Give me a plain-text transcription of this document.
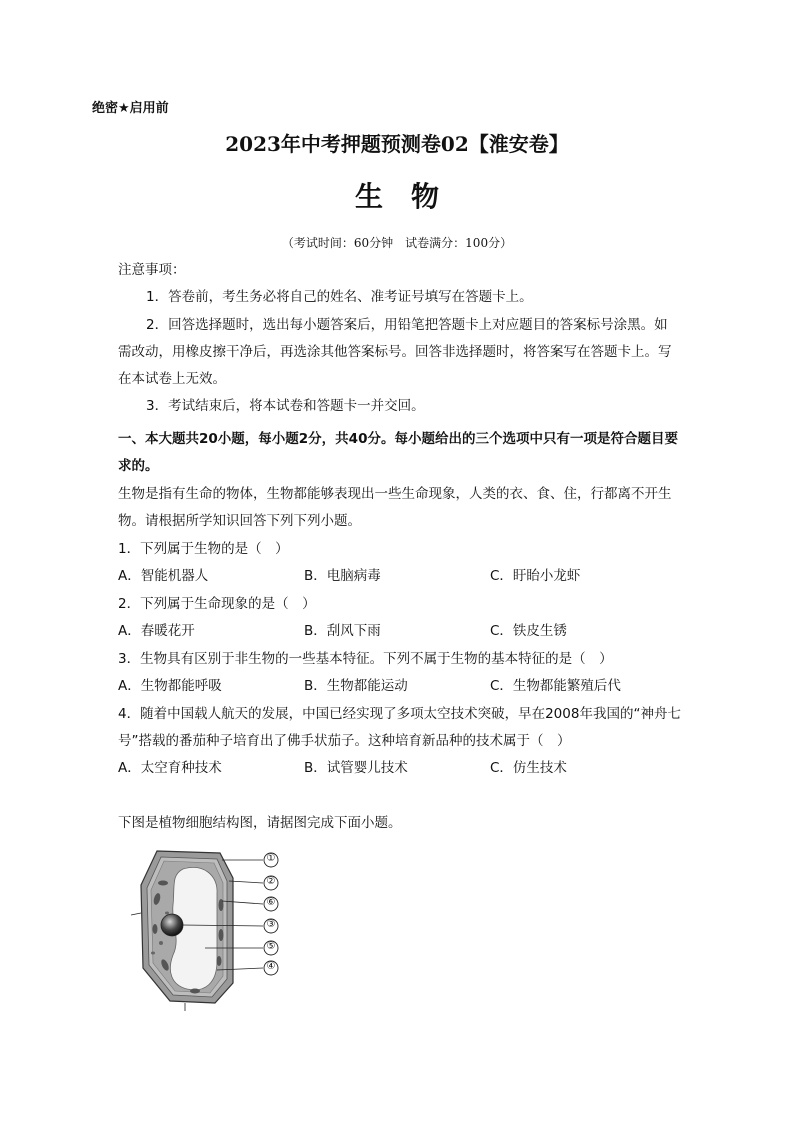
绝密★启用前
2023年中考押题预测卷02【淮安卷】
生物
（考试时间：60分钟　试卷满分：100分）
注意事项：
1．答卷前，考生务必将自己的姓名、准考证号填写在答题卡上。
2．回答选择题时，选出每小题答案后，用铅笔把答题卡上对应题目的答案标号涂黑。如需改动，用橡皮擦干净后，再选涂其他答案标号。回答非选择题时，将答案写在答题卡上。写在本试卷上无效。
3．考试结束后，将本试卷和答题卡一并交回。
一、本大题共20小题，每小题2分，共40分。每小题给出的三个选项中只有一项是符合题目要求的。
生物是指有生命的物体，生物都能够表现出一些生命现象，人类的衣、食、住，行都离不开生物。请根据所学知识回答下列下列小题。
1．下列属于生物的是（　）
A．智能机器人	B．电脑病毒	C．盱眙小龙虾
2．下列属于生命现象的是（　）
A．春暖花开	B．刮风下雨	C．铁皮生锈
3．生物具有区别于非生物的一些基本特征。下列不属于生物的基本特征的是（　）
A．生物都能呼吸	B．生物都能运动	C．生物都能繁殖后代
4．随着中国载人航天的发展，中国已经实现了多项太空技术突破，早在2008年我国的“神舟七号”搭载的番茄种子培育出了佛手状茄子。这种培育新品种的技术属于（　）
A．太空育种技术	B．试管婴儿技术	C．仿生技术
下图是植物细胞结构图，请据图完成下面小题。
①
②
⑥
③
⑤
④
